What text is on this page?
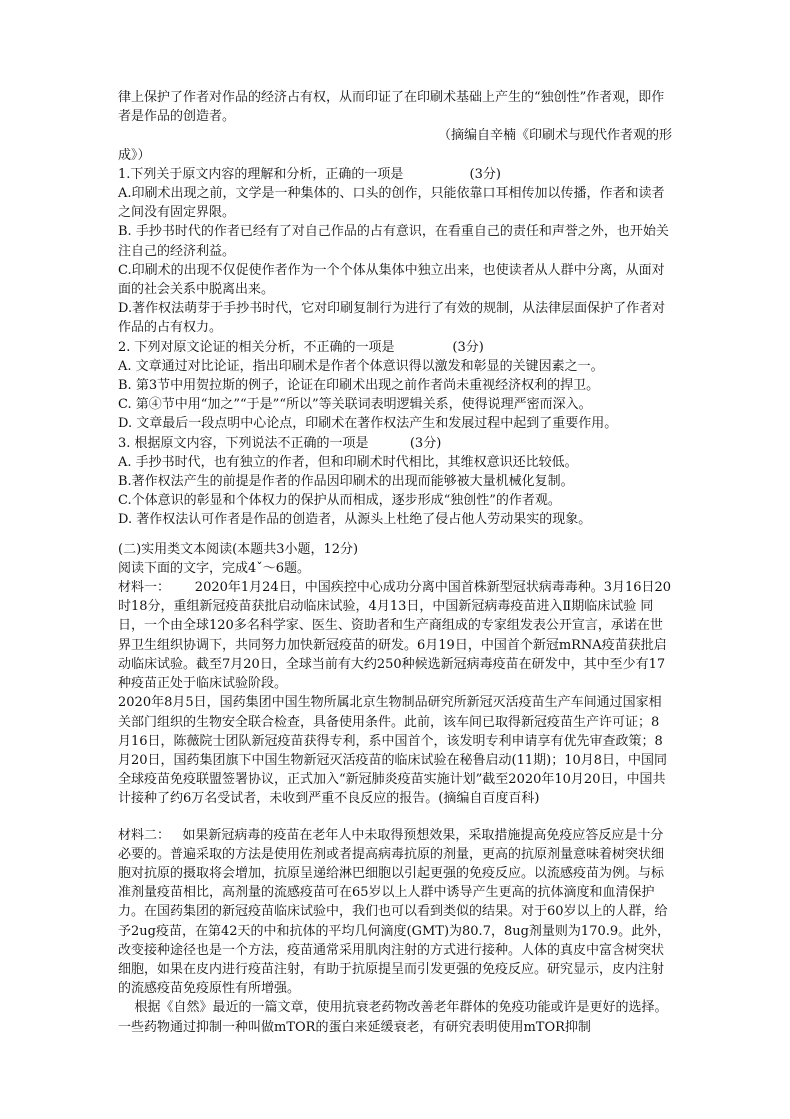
律上保护了作者对作品的经济占有权，从而印证了在印刷术基础上产生的“独创性”作者观，即作者是作品的创造者。

（摘编自辛楠《印刷术与现代作者观的形

成》）

1.下列关于原文内容的理解和分析，正确的一项是                (3分)

A.印刷术出现之前，文学是一种集体的、口头的创作，只能依靠口耳相传加以传播，作者和读者之间没有固定界限。

B. 手抄书时代的作者已经有了对自己作品的占有意识，在看重自己的责任和声誉之外，也开始关注自己的经济利益。

C.印刷术的出现不仅促使作者作为一个个体从集体中独立出来，也使读者从人群中分离，从面对面的社会关系中脱离出来。

D.著作权法萌芽于手抄书时代，它对印刷复制行为进行了有效的规制，从法律层面保护了作者对作品的占有权力。

2. 下列对原文论证的相关分析，不正确的一项是              (3分)

A. 文章通过对比论证，指出印刷术是作者个体意识得以激发和彰显的关键因素之一。

B. 第3节中用贺拉斯的例子，论证在印刷术出现之前作者尚未重视经济权利的捍卫。

C. 第④节中用“加之”“于是”“所以”等关联词表明逻辑关系，使得说理严密而深入。

D. 文章最后一段点明中心论点，印刷术在著作权法产生和发展过程中起到了重要作用。

3. 根据原文内容，下列说法不正确的一项是          (3分)

A. 手抄书时代，也有独立的作者，但和印刷术时代相比，其维权意识还比较低。

B.著作权法产生的前提是作者的作品因印刷术的出现而能够被大量机械化复制。

C.个体意识的彰显和个体权力的保护从而相成，逐步形成“独创性”的作者观。

D. 著作权法认可作者是作品的创造者，从源头上杜绝了侵占他人劳动果实的现象。

(二)实用类文本阅读(本题共3小题，12分)

阅读下面的文字，完成4ˇ～6题。

材料一：      2020年1月24日，中国疾控中心成功分离中国首株新型冠状病毒毒种。3月16日20时18分，重组新冠疫苗获批启动临床试验，4月13日，中国新冠病毒疫苗进入Ⅱ期临床试验 同日，一个由全球120多名科学家、医生、资助者和生产商组成的专家组发表公开宣言，承诺在世界卫生组织协调下，共同努力加快新冠疫苗的研发。6月19日，中国首个新冠mRNA疫苗获批启动临床试验。截至7月20日，全球当前有大约250种候选新冠病毒疫苗在研发中，其中至少有17种疫苗正处于临床试验阶段。

2020年8月5日，国药集团中国生物所属北京生物制品研究所新冠灭活疫苗生产车间通过国家相关部门组织的生物安全联合检查，具备使用条件。此前，该车间已取得新冠疫苗生产许可证；8月16日，陈薇院士团队新冠疫苗获得专利，系中国首个，该发明专利申请享有优先审查政策；8月20日，国药集团旗下中国生物新冠灭活疫苗的临床试验在秘鲁启动(11期)；10月8日，中国同全球疫苗免疫联盟签署协议，正式加入“新冠肺炎疫苗实施计划”截至2020年10月20日，中国共计接种了约6万名受试者，未收到严重不良反应的报告。(摘编自百度百科)

材料二：   如果新冠病毒的疫苗在老年人中未取得预想效果，采取措施提高免疫应答反应是十分必要的。普遍采取的方法是使用佐剂或者提高病毒抗原的剂量，更高的抗原剂量意味着树突状细胞对抗原的摄取将会增加，抗原呈递给淋巴细胞以引起更强的免疫反应。以流感疫苗为例。与标准剂量疫苗相比，高剂量的流感疫苗可在65岁以上人群中诱导产生更高的抗体滴度和血清保护力。在国药集团的新冠疫苗临床试验中，我们也可以看到类似的结果。对于60岁以上的人群，给予2ug疫苗，在第42天的中和抗体的平均几何滴度(GMT)为80.7，8ug剂量则为170.9。此外，改变接种途径也是一个方法，疫苗通常采用肌肉注射的方式进行接种。人体的真皮中富含树突状细胞，如果在皮内进行疫苗注射，有助于抗原提呈而引发更强的免疫反应。研究显示，皮内注射的流感疫苗免疫原性有所增强。

根据《自然》最近的一篇文章，使用抗衰老药物改善老年群体的免疫功能或许是更好的选择。一些药物通过抑制一种叫做mTOR的蛋白来延缓衰老，有研究表明使用mTOR抑制
